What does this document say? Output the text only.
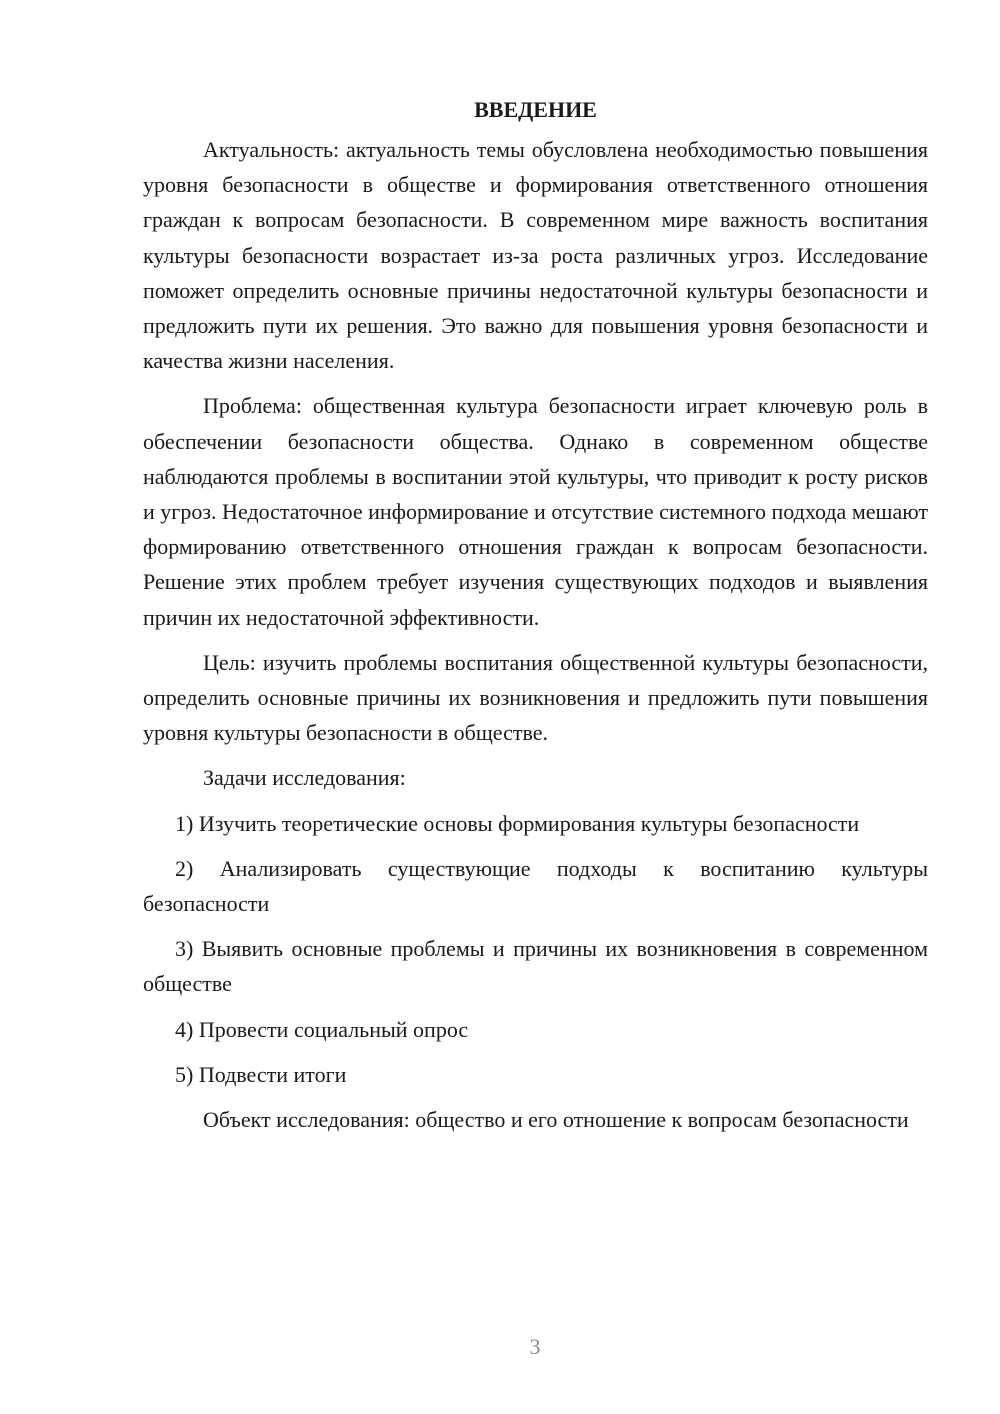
ВВЕДЕНИЕ

Актуальность: актуальность темы обусловлена необходимостью повышения уровня безопасности в обществе и формирования ответственного отношения граждан к вопросам безопасности. В современном мире важность воспитания культуры безопасности возрастает из-за роста различных угроз. Исследование поможет определить основные причины недостаточной культуры безопасности и предложить пути их решения. Это важно для повышения уровня безопасности и качества жизни населения.

Проблема: общественная культура безопасности играет ключевую роль в обеспечении безопасности общества. Однако в современном обществе наблюдаются проблемы в воспитании этой культуры, что приводит к росту рисков и угроз. Недостаточное информирование и отсутствие системного подхода мешают формированию ответственного отношения граждан к вопросам безопасности. Решение этих проблем требует изучения существующих подходов и выявления причин их недостаточной эффективности.

Цель: изучить проблемы воспитания общественной культуры безопасности, определить основные причины их возникновения и предложить пути повышения уровня культуры безопасности в обществе.

Задачи исследования:

1) Изучить теоретические основы формирования культуры безопасности

2) Анализировать существующие подходы к воспитанию культуры безопасности

3) Выявить основные проблемы и причины их возникновения в современном обществе

4) Провести социальный опрос

5) Подвести итоги

Объект исследования: общество и его отношение к вопросам безопасности

3
